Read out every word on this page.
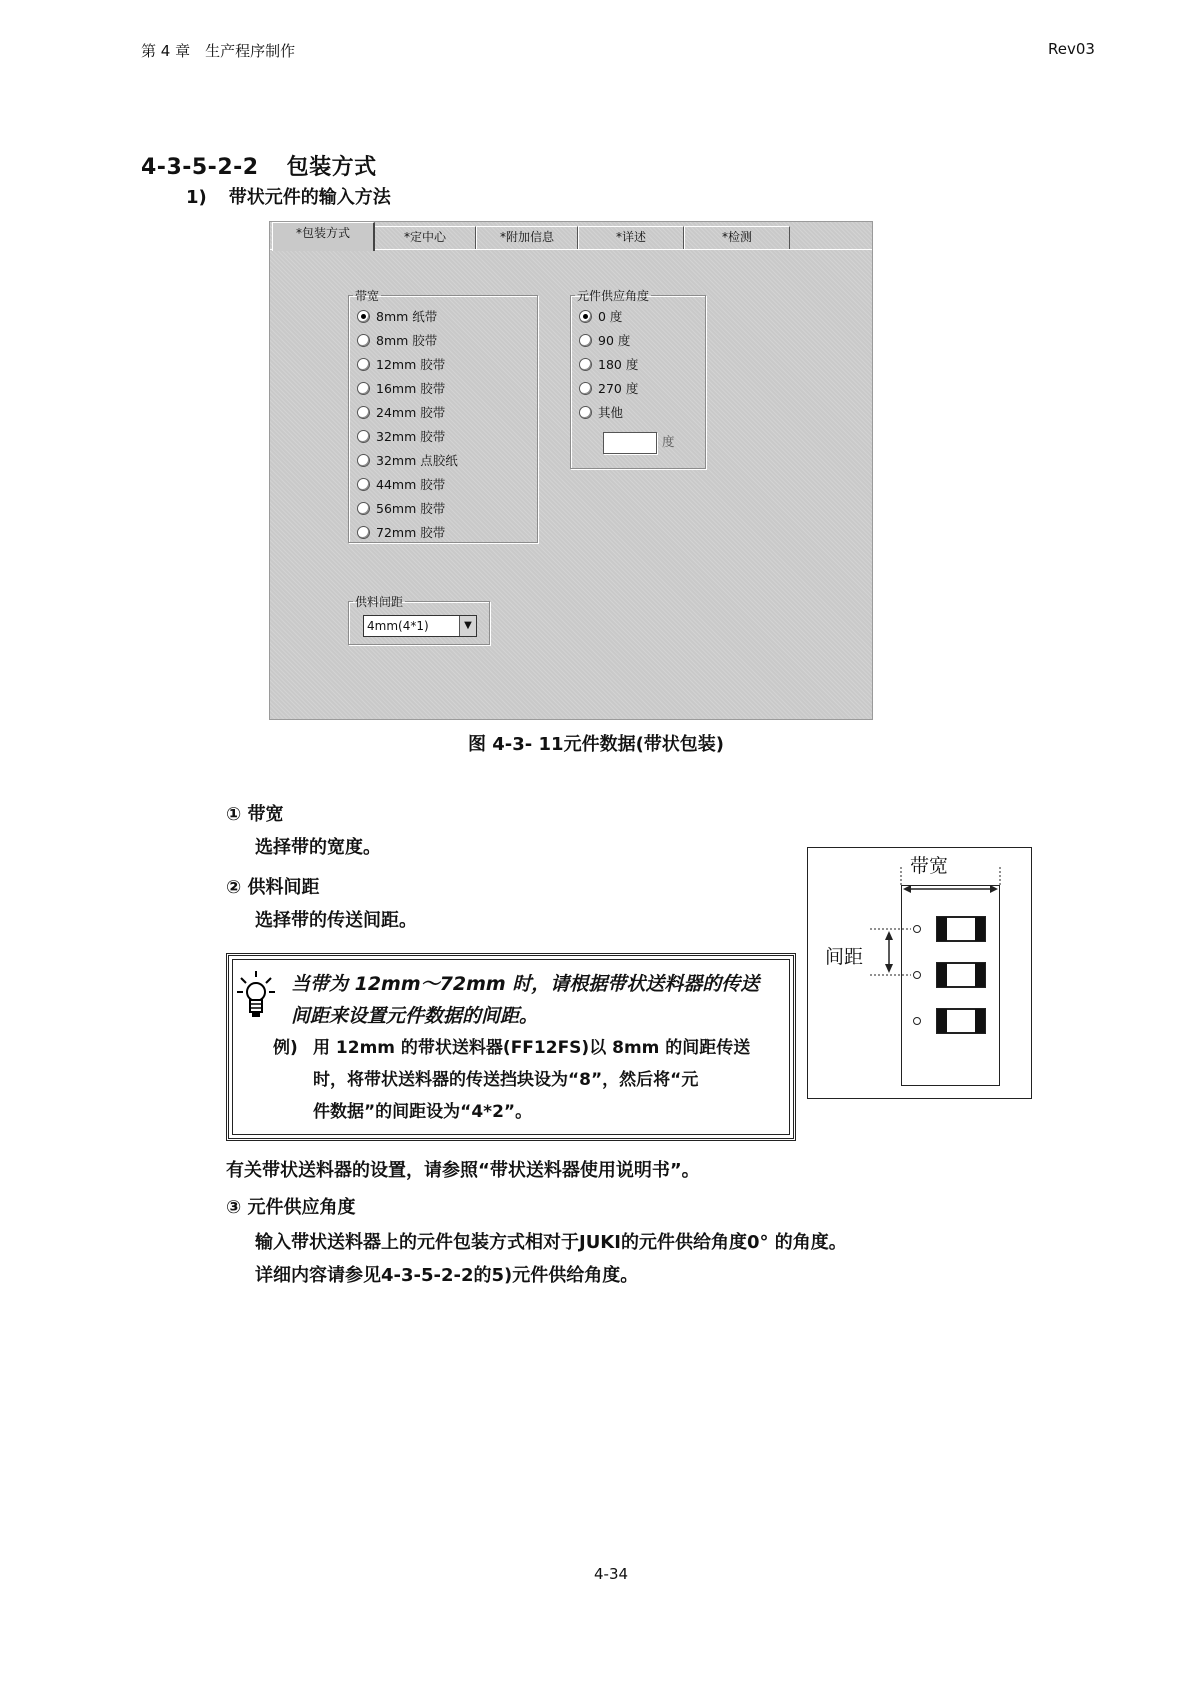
第 4 章　生产程序制作	Rev03
4-3-5-2-2 包装方式
1) 带状元件的输入方法
*包装方式	*定中心	*附加信息	*详述	*检测
带宽
8mm 纸带
8mm 胶带
12mm 胶带
16mm 胶带
24mm 胶带
32mm 胶带
32mm 点胶纸
44mm 胶带
56mm 胶带
72mm 胶带
元件供应角度
0 度
90 度
180 度
270 度
其他
度
供料间距
4mm(4*1)	▼
图 4-3- 11元件数据(带状包装)
① 带宽
选择带的宽度。
② 供料间距
选择带的传送间距。
当带为 12mm～72mm 时，请根据带状送料器的传送
间距来设置元件数据的间距。
例) 用 12mm 的带状送料器(FF12FS)以 8mm 的间距传送
时，将带状送料器的传送挡块设为“8”，然后将“元
件数据”的间距设为“4*2”。
带宽
间距
有关带状送料器的设置，请参照“带状送料器使用说明书”。
③ 元件供应角度
输入带状送料器上的元件包装方式相对于JUKI的元件供给角度0° 的角度。
详细内容请参见4-3-5-2-2的5)元件供给角度。
4-34
